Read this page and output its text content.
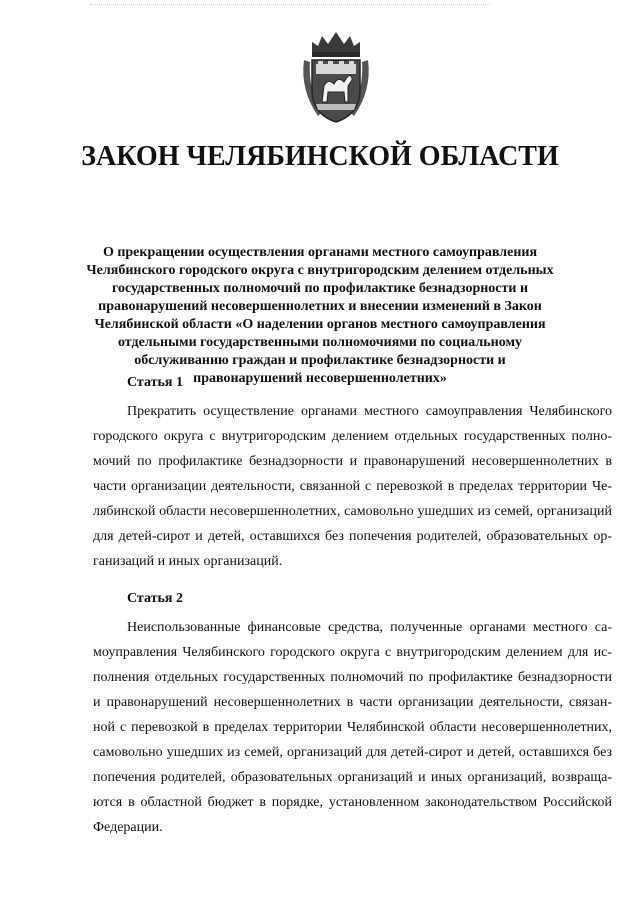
ЗАКОН ЧЕЛЯБИНСКОЙ ОБЛАСТИ
О прекращении осуществления органами местного самоуправления Челябинского городского округа с внутригородским делением отдельных государственных полномочий по профилактике безнадзорности и правонарушений несовершеннолетних и внесении изменений в Закон Челябинской области «О наделении органов местного самоуправления отдельными государственными полномочиями по социальному обслуживанию граждан и профилактике безнадзорности и правонарушений несовершеннолетних»
Статья 1
Прекратить осуществление органами местного самоуправления Челябинского городского округа с внутригородским делением отдельных государственных полномочий по профилактике безнадзорности и правонарушений несовершеннолетних в части организации деятельности, связанной с перевозкой в пределах территории Челябинской области несовершеннолетних, самовольно ушедших из семей, организаций для детей-сирот и детей, оставшихся без попечения родителей, образовательных организаций и иных организаций.
Статья 2
Неиспользованные финансовые средства, полученные органами местного самоуправления Челябинского городского округа с внутригородским делением для исполнения отдельных государственных полномочий по профилактике безнадзорности и правонарушений несовершеннолетних в части организации деятельности, связанной с перевозкой в пределах территории Челябинской области несовершеннолетних, самовольно ушедших из семей, организаций для детей-сирот и детей, оставшихся без попечения родителей, образовательных организаций и иных организаций, возвращаются в областной бюджет в порядке, установленном законодательством Российской Федерации.
